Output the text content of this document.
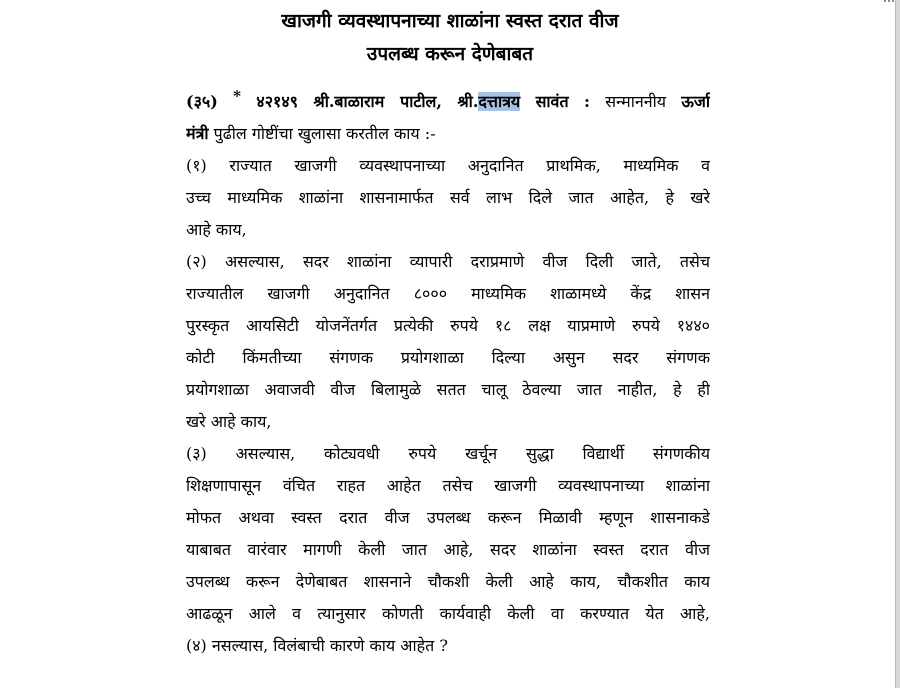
खाजगी व्यवस्थापनाच्या शाळांना स्वस्त दरात वीज
उपलब्ध करून देणेबाबत
(३५) * ४२१४९ श्री.बाळाराम पाटील, श्री.दत्तात्रय सावंत : सन्माननीय ऊर्जा
मंत्री पुढील गोष्टींचा खुलासा करतील काय :-
(१) राज्यात खाजगी व्यवस्थापनाच्या अनुदानित प्राथमिक, माध्यमिक व
उच्च माध्यमिक शाळांना शासनामार्फत सर्व लाभ दिले जात आहेत, हे खरे
आहे काय,
(२) असल्यास, सदर शाळांना व्यापारी दराप्रमाणे वीज दिली जाते, तसेच
राज्यातील खाजगी अनुदानित ८००० माध्यमिक शाळामध्ये केंद्र शासन
पुरस्कृत आयसिटी योजनेंतर्गत प्रत्येकी रुपये १८ लक्ष याप्रमाणे रुपये १४४०
कोटी किंमतीच्या संगणक प्रयोगशाळा दिल्या असुन सदर संगणक
प्रयोगशाळा अवाजवी वीज बिलामुळे सतत चालू ठेवल्या जात नाहीत, हे ही
खरे आहे काय,
(३) असल्यास, कोट्यवधी रुपये खर्चून सुद्धा विद्यार्थी संगणकीय
शिक्षणापासून वंचित राहत आहेत तसेच खाजगी व्यवस्थापनाच्या शाळांना
मोफत अथवा स्वस्त दरात वीज उपलब्ध करून मिळावी म्हणून शासनाकडे
याबाबत वारंवार मागणी केली जात आहे, सदर शाळांना स्वस्त दरात वीज
उपलब्ध करून देणेबाबत शासनाने चौकशी केली आहे काय, चौकशीत काय
आढळून आले व त्यानुसार कोणती कार्यवाही केली वा करण्यात येत आहे,
(४) नसल्यास, विलंबाची कारणे काय आहेत ?
